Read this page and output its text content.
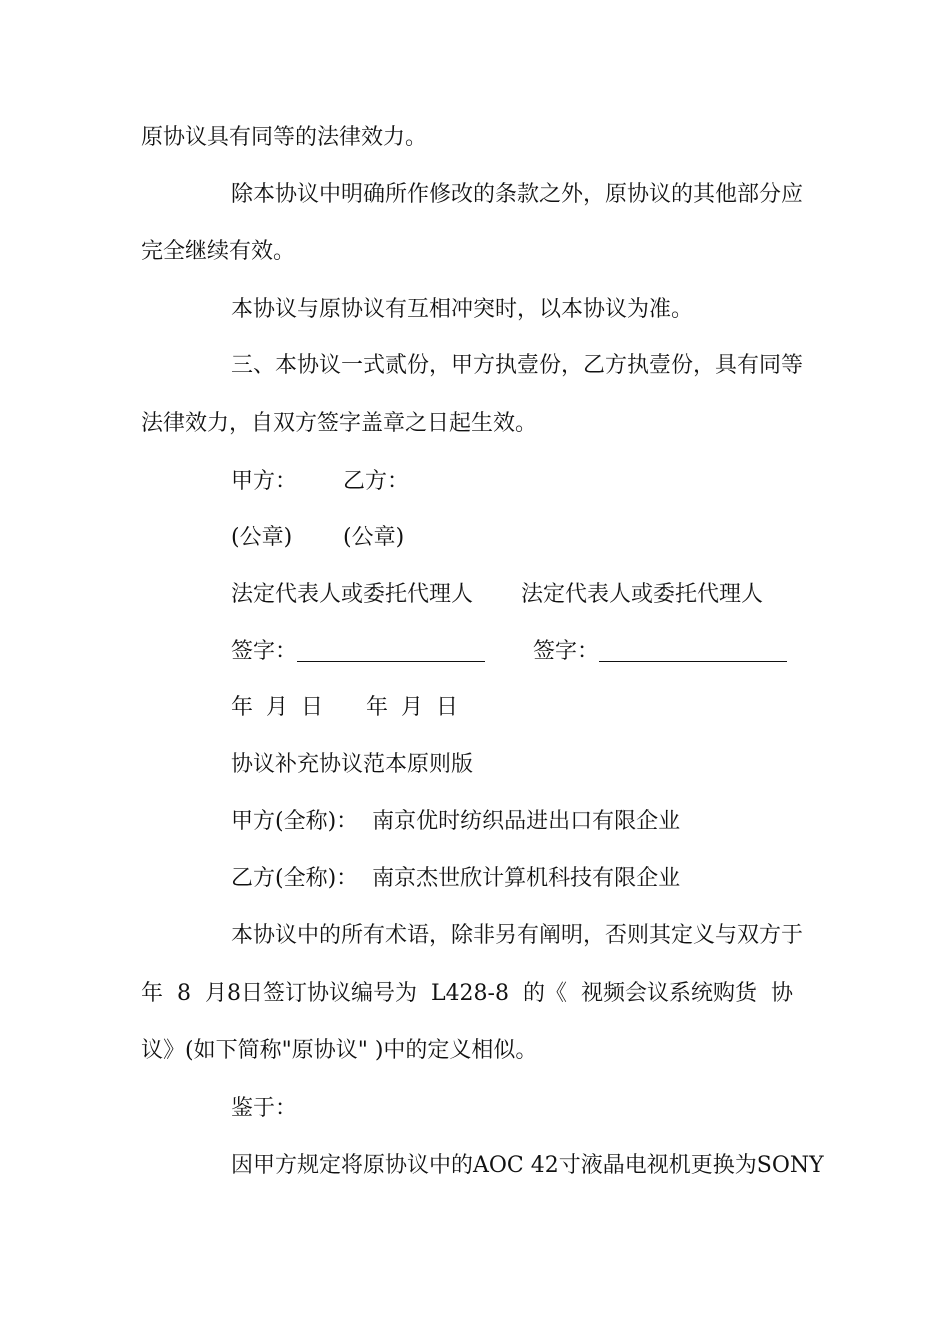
原协议具有同等的法律效力。
除本协议中明确所作修改的条款之外，原协议的其他部分应
完全继续有效。
本协议与原协议有互相冲突时，以本协议为准。
三、本协议一式贰份，甲方执壹份，乙方执壹份，具有同等
法律效力，自双方签字盖章之日起生效。
甲方： 乙方：
(公章) (公章)
法定代表人或委托代理人 法定代表人或委托代理人
签字：	签字：
年 月 日 年 月 日
协议补充协议范本原则版
甲方(全称)：  南京优时纺织品进出口有限企业
乙方(全称)：  南京杰世欣计算机科技有限企业
本协议中的所有术语，除非另有阐明，否则其定义与双方于
年  8  月8日签订协议编号为  L428-8  的《  视频会议系统购货  协
议》(如下简称"原协议" )中的定义相似。
鉴于：
因甲方规定将原协议中的AOC 42寸液晶电视机更换为SONY
